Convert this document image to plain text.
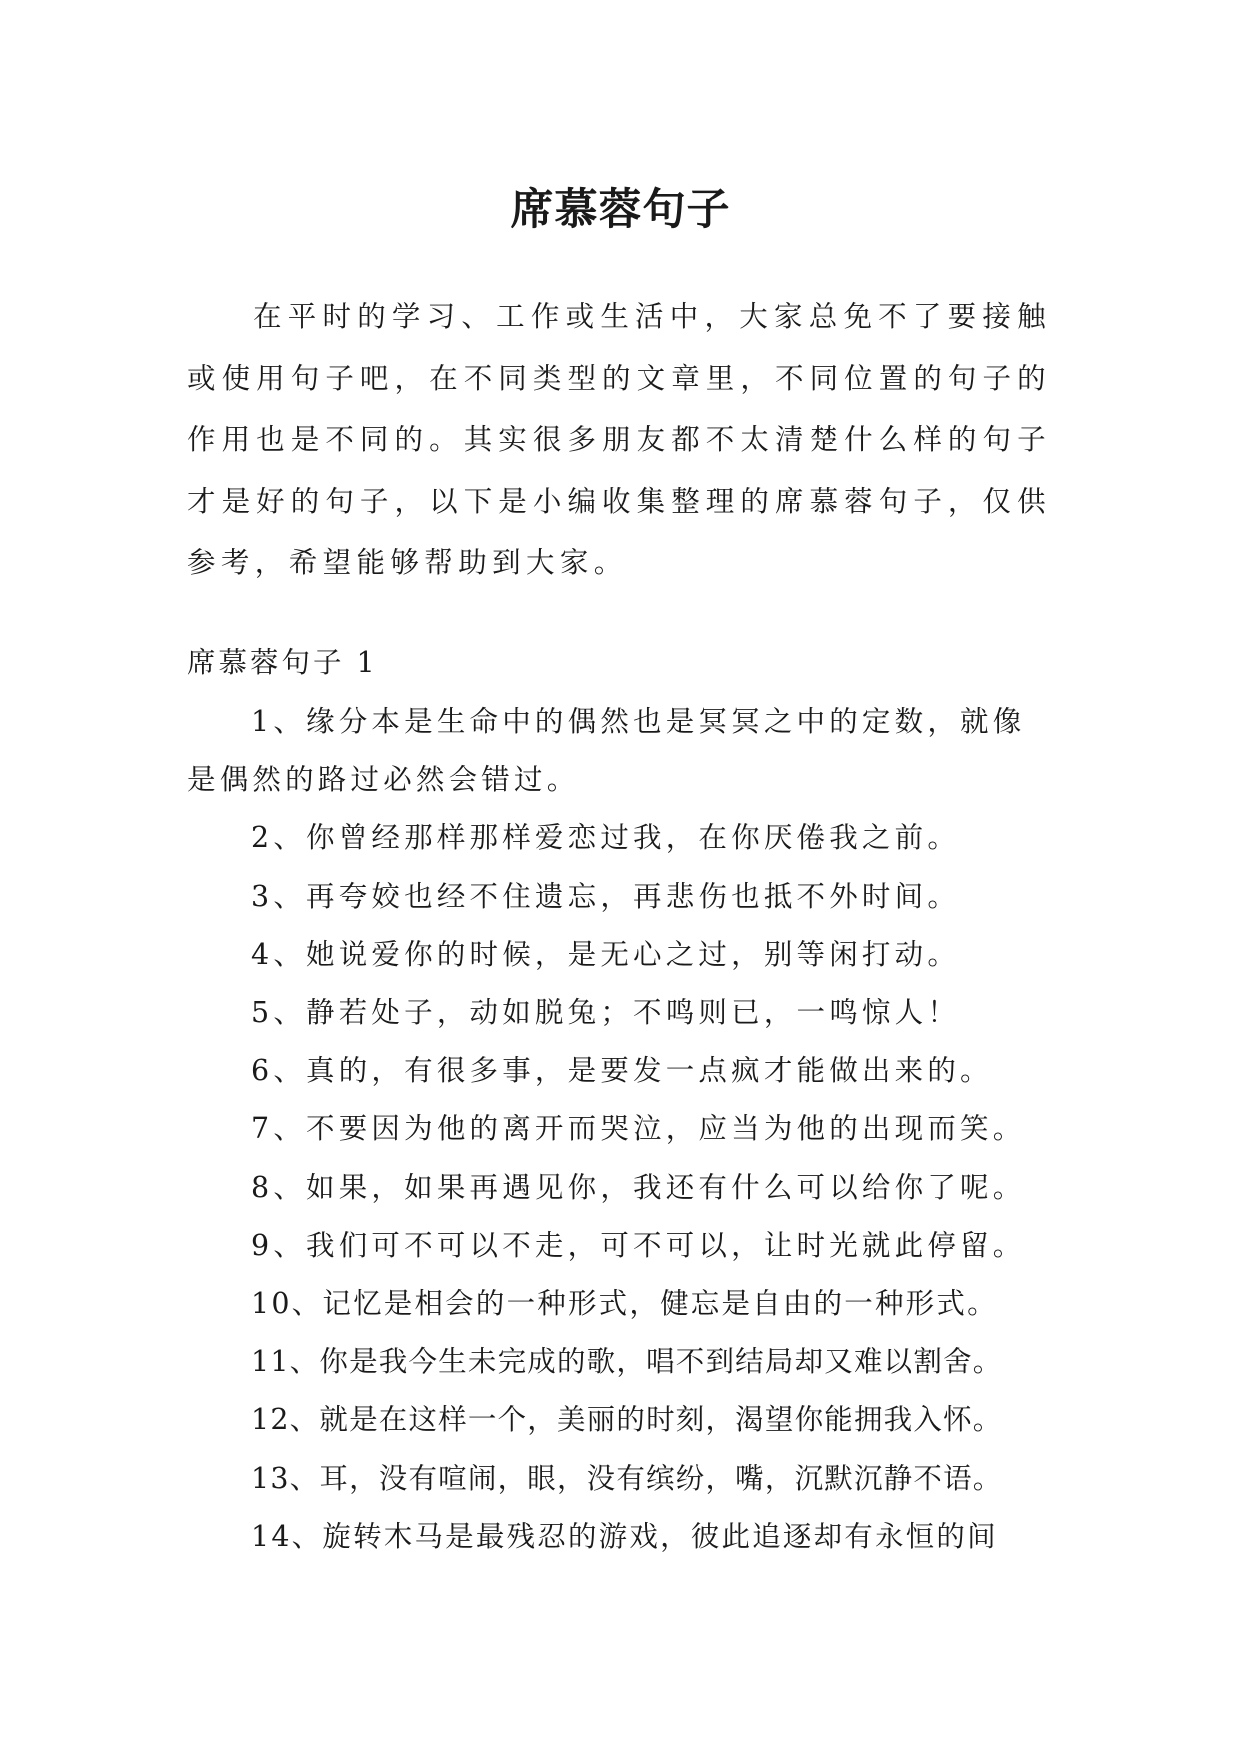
席慕蓉句子

在平时的学习、工作或生活中，大家总免不了要接触或使用句子吧，在不同类型的文章里，不同位置的句子的作用也是不同的。其实很多朋友都不太清楚什么样的句子才是好的句子，以下是小编收集整理的席慕蓉句子，仅供参考，希望能够帮助到大家。

席慕蓉句子 1

1、缘分本是生命中的偶然也是冥冥之中的定数，就像是偶然的路过必然会错过。
2、你曾经那样那样爱恋过我，在你厌倦我之前。
3、再夸姣也经不住遗忘，再悲伤也抵不外时间。
4、她说爱你的时候，是无心之过，别等闲打动。
5、静若处子，动如脱兔；不鸣则已，一鸣惊人！
6、真的，有很多事，是要发一点疯才能做出来的。
7、不要因为他的离开而哭泣，应当为他的出现而笑。
8、如果，如果再遇见你，我还有什么可以给你了呢。
9、我们可不可以不走，可不可以，让时光就此停留。
10、记忆是相会的一种形式，健忘是自由的一种形式。
11、你是我今生未完成的歌，唱不到结局却又难以割舍。
12、就是在这样一个，美丽的时刻，渴望你能拥我入怀。
13、耳，没有喧闹，眼，没有缤纷，嘴，沉默沉静不语。
14、旋转木马是最残忍的游戏，彼此追逐却有永恒的间
